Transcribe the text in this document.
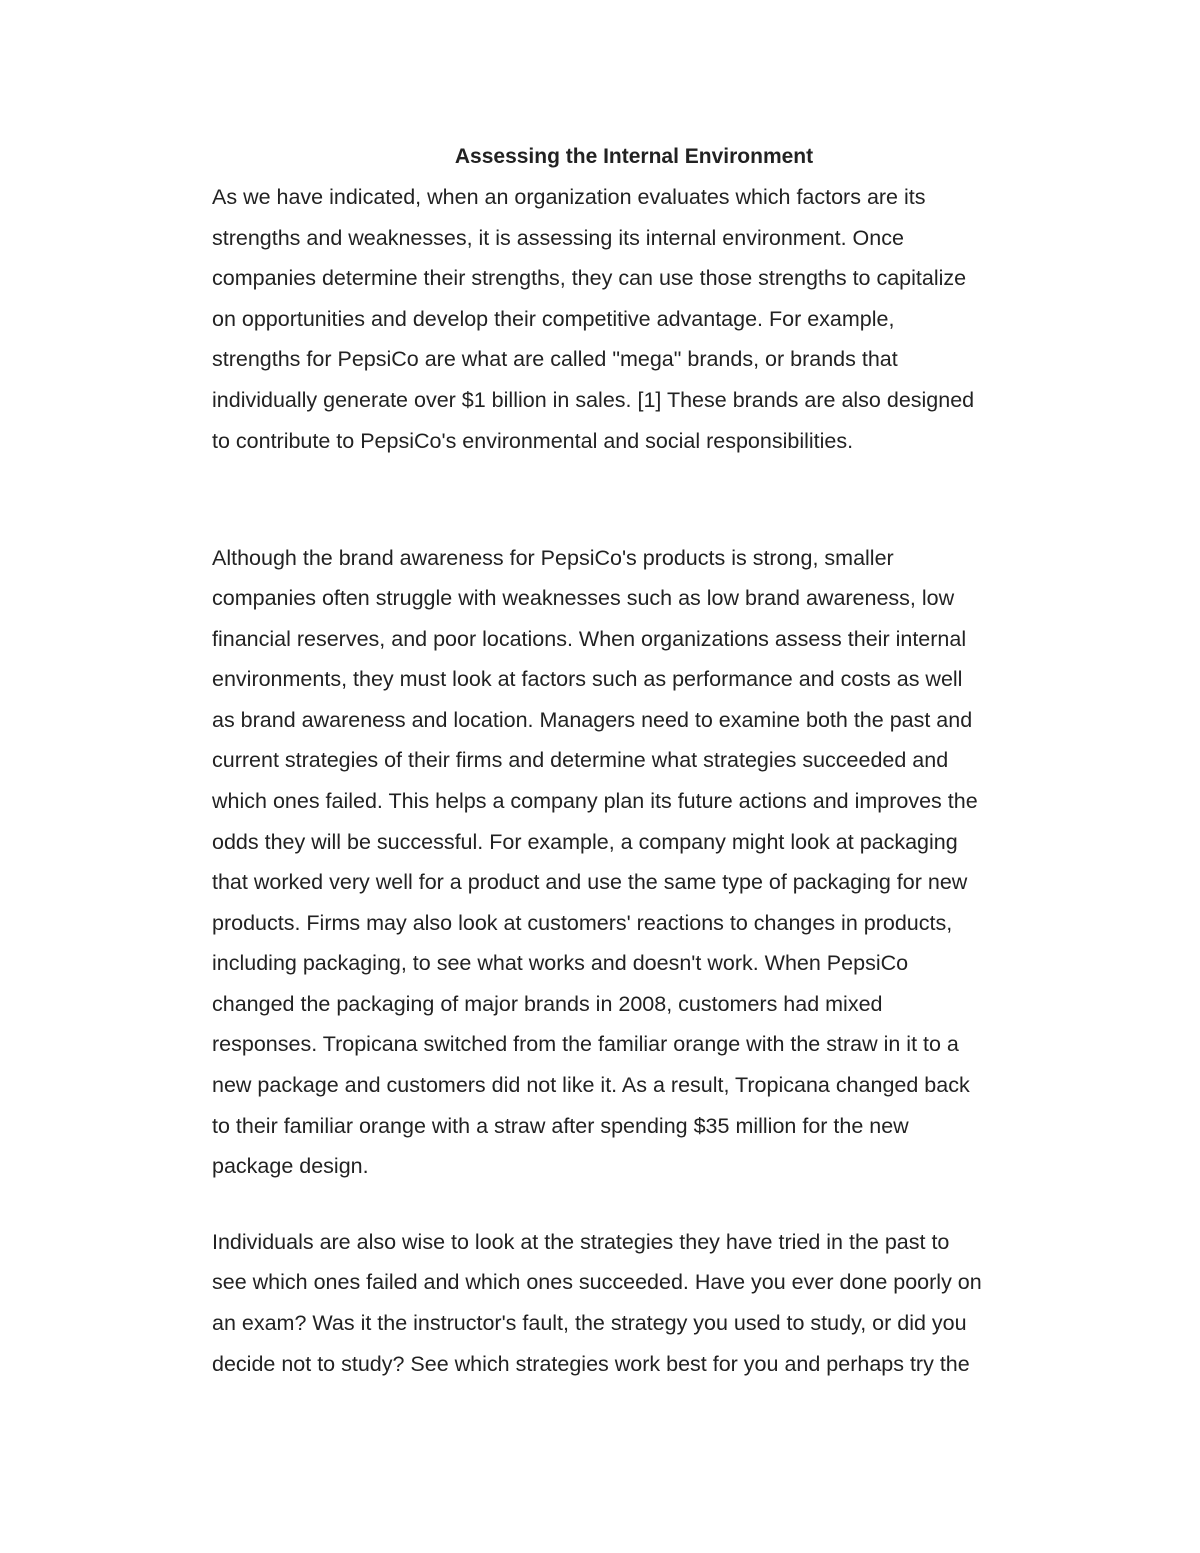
Assessing the Internal Environment

As we have indicated, when an organization evaluates which factors are its

strengths and weaknesses, it is assessing its internal environment. Once

companies determine their strengths, they can use those strengths to capitalize

on opportunities and develop their competitive advantage. For example,

strengths for PepsiCo are what are called "mega" brands, or brands that

individually generate over $1 billion in sales. [1] These brands are also designed

to contribute to PepsiCo's environmental and social responsibilities.

Although the brand awareness for PepsiCo's products is strong, smaller

companies often struggle with weaknesses such as low brand awareness, low

financial reserves, and poor locations. When organizations assess their internal

environments, they must look at factors such as performance and costs as well

as brand awareness and location. Managers need to examine both the past and

current strategies of their firms and determine what strategies succeeded and

which ones failed. This helps a company plan its future actions and improves the

odds they will be successful. For example, a company might look at packaging

that worked very well for a product and use the same type of packaging for new

products. Firms may also look at customers' reactions to changes in products,

including packaging, to see what works and doesn't work. When PepsiCo

changed the packaging of major brands in 2008, customers had mixed

responses. Tropicana switched from the familiar orange with the straw in it to a

new package and customers did not like it. As a result, Tropicana changed back

to their familiar orange with a straw after spending $35 million for the new

package design.

Individuals are also wise to look at the strategies they have tried in the past to

see which ones failed and which ones succeeded. Have you ever done poorly on

an exam? Was it the instructor's fault, the strategy you used to study, or did you

decide not to study? See which strategies work best for you and perhaps try the
